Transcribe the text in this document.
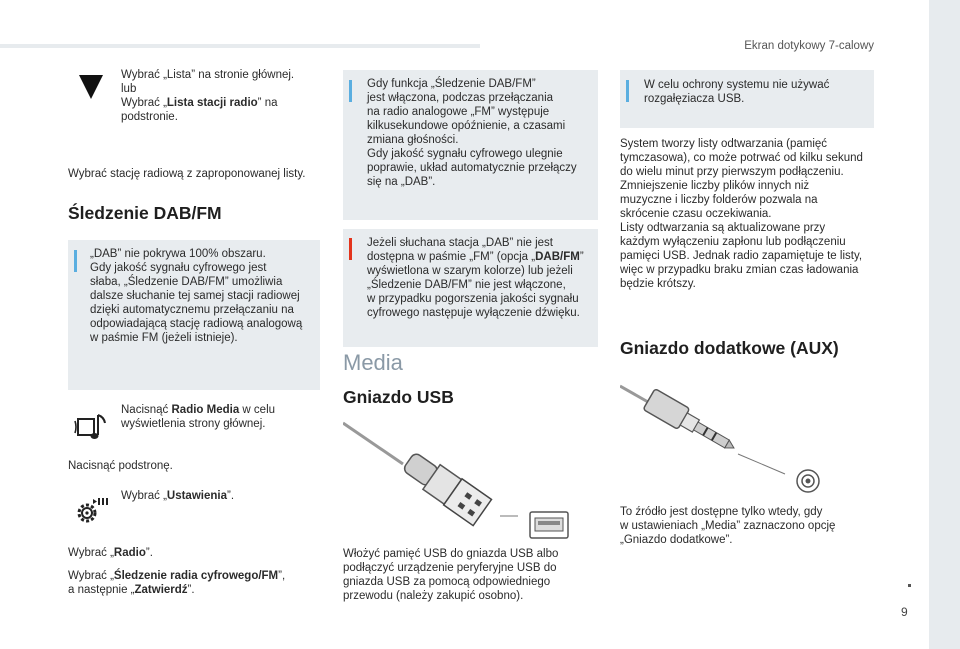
Ekran dotykowy 7-calowy
9
Wybrać „Lista” na stronie głównej.
lub
Wybrać „Lista stacji radio” na
podstronie.
Wybrać stację radiową z zaproponowanej listy.
Śledzenie DAB/FM
„DAB” nie pokrywa 100% obszaru.
Gdy jakość sygnału cyfrowego jest
słaba, „Śledzenie DAB/FM” umożliwia
dalsze słuchanie tej samej stacji radiowej
dzięki automatycznemu przełączaniu na
odpowiadającą stację radiową analogową
w paśmie FM (jeżeli istnieje).
Nacisnąć Radio Media w celu
wyświetlenia strony głównej.
Nacisnąć podstronę.
Wybrać „Ustawienia”.
Wybrać „Radio”.
Wybrać „Śledzenie radia cyfrowego/FM”,
a następnie „Zatwierdź”.
Gdy funkcja „Śledzenie DAB/FM”
jest włączona, podczas przełączania
na radio analogowe „FM” występuje
kilkusekundowe opóźnienie, a czasami
zmiana głośności.
Gdy jakość sygnału cyfrowego ulegnie
poprawie, układ automatycznie przełączy
się na „DAB”.
Jeżeli słuchana stacja „DAB” nie jest
dostępna w paśmie „FM” (opcja „DAB/FM”
wyświetlona w szarym kolorze) lub jeżeli
„Śledzenie DAB/FM” nie jest włączone,
w przypadku pogorszenia jakości sygnału
cyfrowego następuje wyłączenie dźwięku.
Media
Gniazdo USB
Włożyć pamięć USB do gniazda USB albo
podłączyć urządzenie peryferyjne USB do
gniazda USB za pomocą odpowiedniego
przewodu (należy zakupić osobno).
W celu ochrony systemu nie używać
rozgałęziacza USB.
System tworzy listy odtwarzania (pamięć
tymczasowa), co może potrwać od kilku sekund
do wielu minut przy pierwszym podłączeniu.
Zmniejszenie liczby plików innych niż
muzyczne i liczby folderów pozwala na
skrócenie czasu oczekiwania.
Listy odtwarzania są aktualizowane przy
każdym wyłączeniu zapłonu lub podłączeniu
pamięci USB. Jednak radio zapamiętuje te listy,
więc w przypadku braku zmian czas ładowania
będzie krótszy.
Gniazdo dodatkowe (AUX)
To źródło jest dostępne tylko wtedy, gdy
w ustawieniach „Media” zaznaczono opcję
„Gniazdo dodatkowe”.
